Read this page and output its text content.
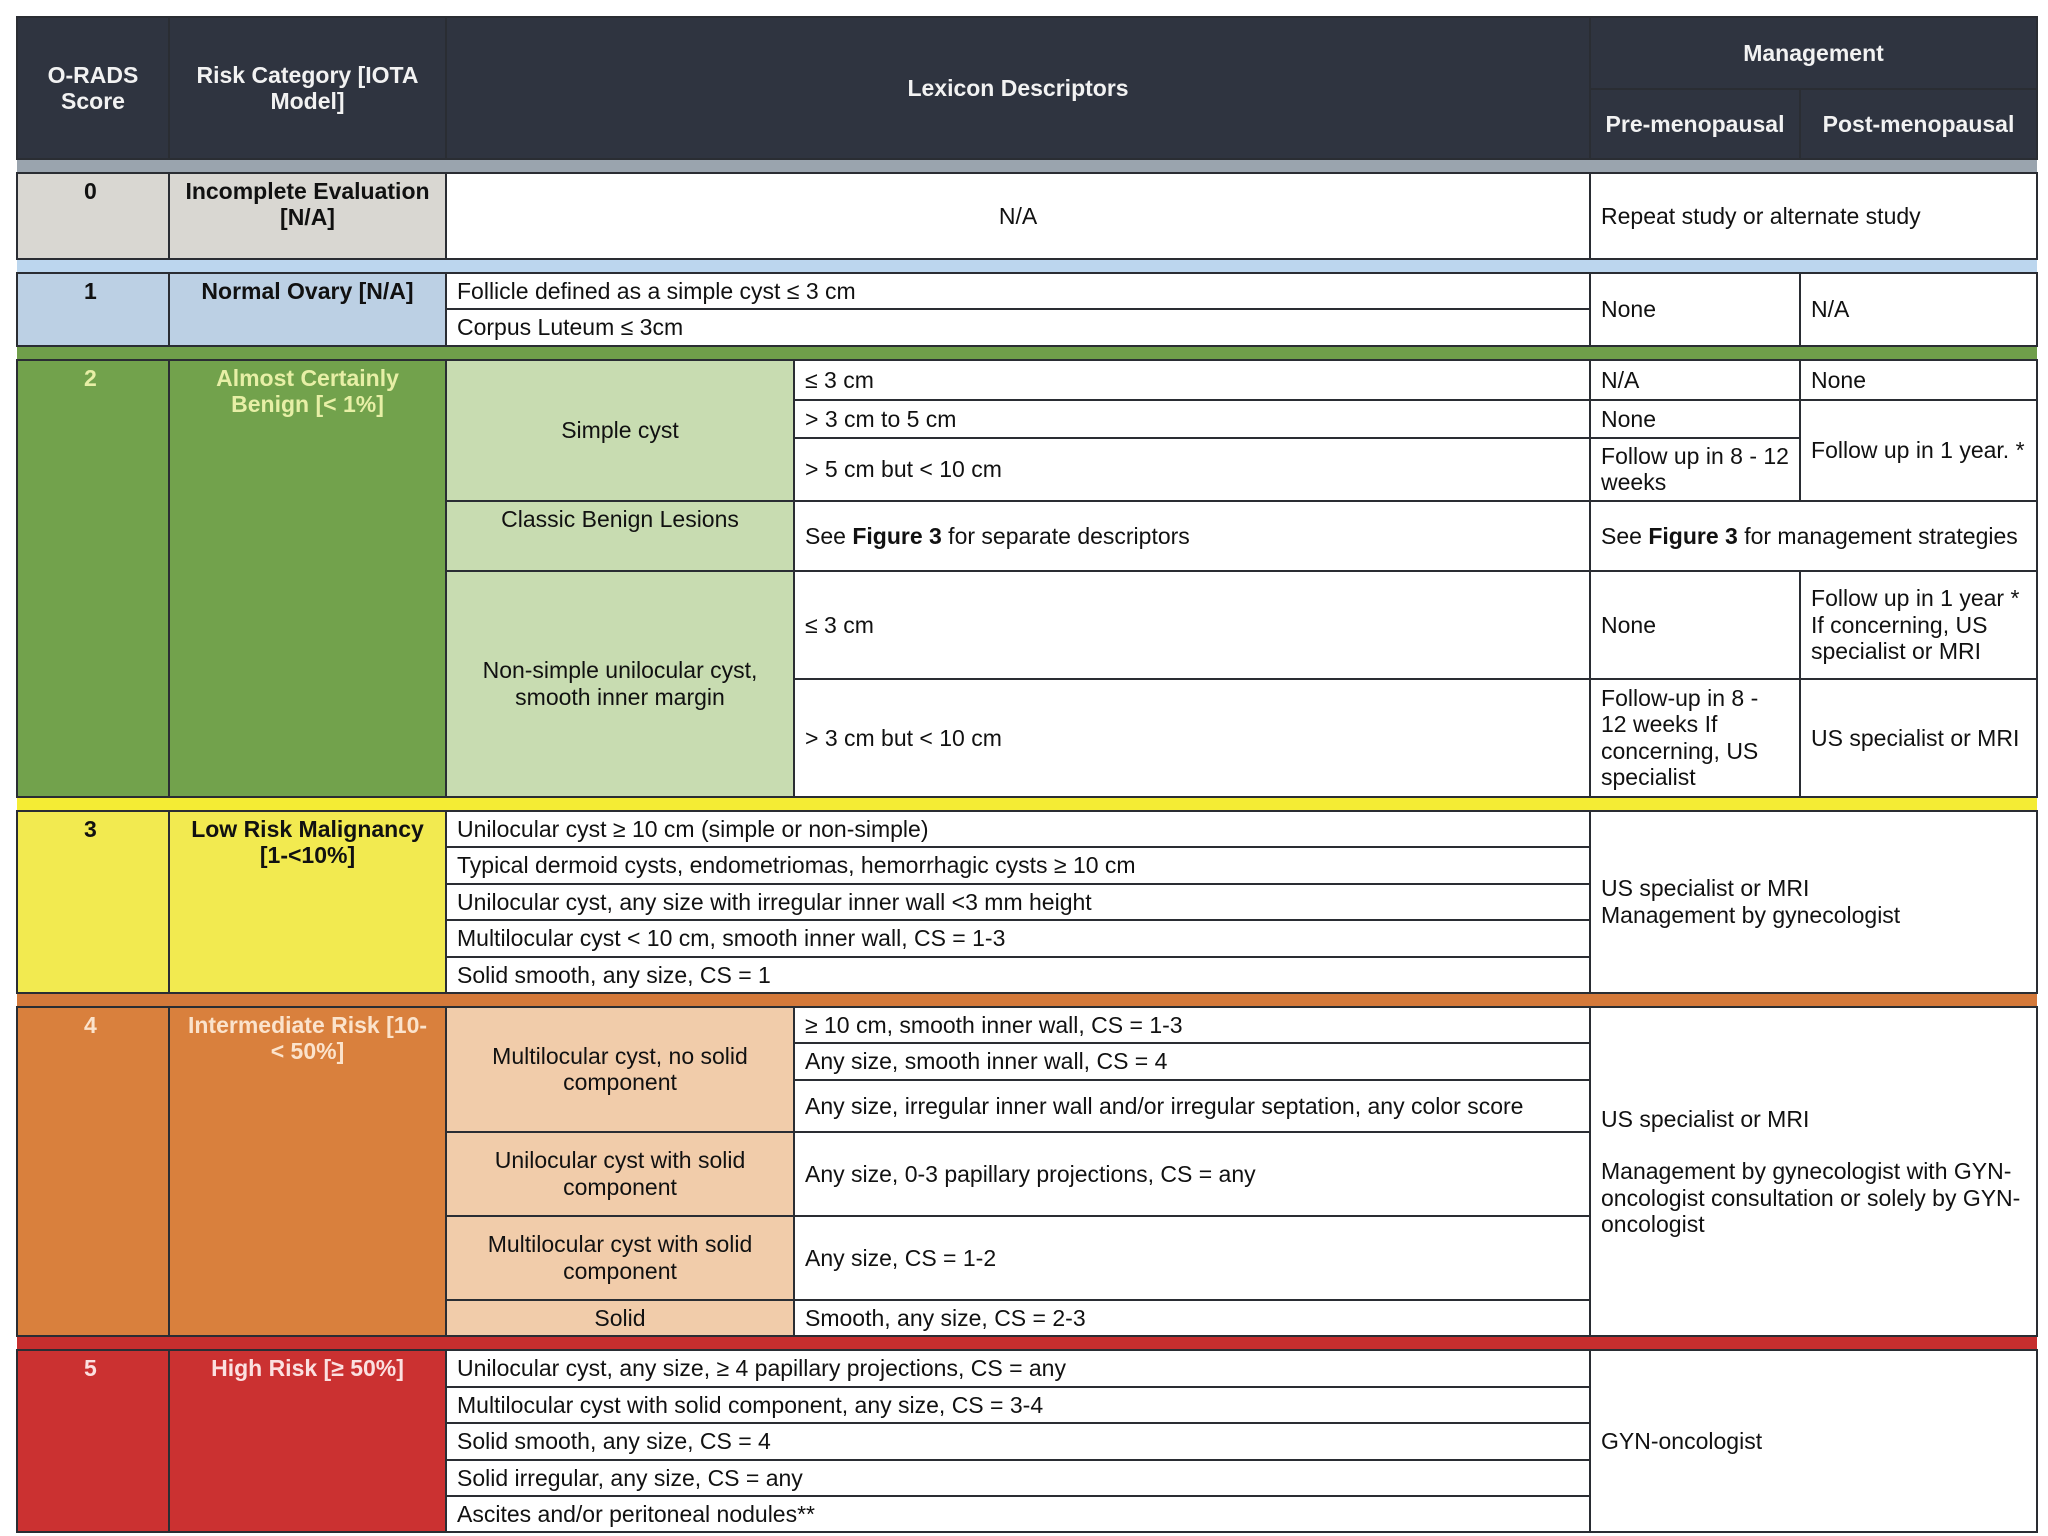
O-RADS Score	Risk Category [IOTA Model]	Lexicon Descriptors		Management	
				Pre-menopausal	Post-menopausal

0	Incomplete Evaluation [N/A]	N/A		Repeat study or alternate study	

1	Normal Ovary [N/A]	Follicle defined as a simple cyst ≤ 3 cm		None	N/A
		Corpus Luteum ≤ 3cm			

2	Almost Certainly Benign [< 1%]	Simple cyst	≤ 3 cm	N/A	None
			> 3 cm to 5 cm	None	Follow up in 1 year. *
			> 5 cm but < 10 cm	Follow up in 8 - 12 weeks	
		Classic Benign Lesions	See Figure 3 for separate descriptors	See Figure 3 for management strategies	
		Non-simple unilocular cyst, smooth inner margin	≤ 3 cm	None	Follow up in 1 year * If concerning, US specialist or MRI
			> 3 cm but < 10 cm	Follow-up in 8 - 12 weeks If concerning, US specialist	US specialist or MRI

3	Low Risk Malignancy [1-<10%]	Unilocular cyst ≥ 10 cm (simple or non-simple)		US specialist or MRI
Management by gynecologist	

		Typical dermoid cysts, endometriomas, hemorrhagic cysts ≥ 10 cm			
		Unilocular cyst, any size with irregular inner wall <3 mm height			
		Multilocular cyst < 10 cm, smooth inner wall, CS = 1-3			
		Solid smooth, any size, CS = 1			

4	Intermediate Risk [10- < 50%]	Multilocular cyst, no solid component	≥ 10 cm, smooth inner wall, CS = 1-3	US specialist or MRI
Management by gynecologist with GYN-oncologist consultation or solely by GYN-oncologist	

			Any size, smooth inner wall, CS = 4		
			Any size, irregular inner wall and/or irregular septation, any color score		
		Unilocular cyst with solid component	Any size, 0-3 papillary projections, CS = any		
		Multilocular cyst with solid component	Any size, CS = 1-2		
		Solid	Smooth, any size, CS = 2-3		

5	High Risk [≥ 50%]	Unilocular cyst, any size, ≥ 4 papillary projections, CS = any		GYN-oncologist	
		Multilocular cyst with solid component, any size, CS = 3-4			
		Solid smooth, any size, CS = 4			
		Solid irregular, any size, CS = any			
		Ascites and/or peritoneal nodules**			
